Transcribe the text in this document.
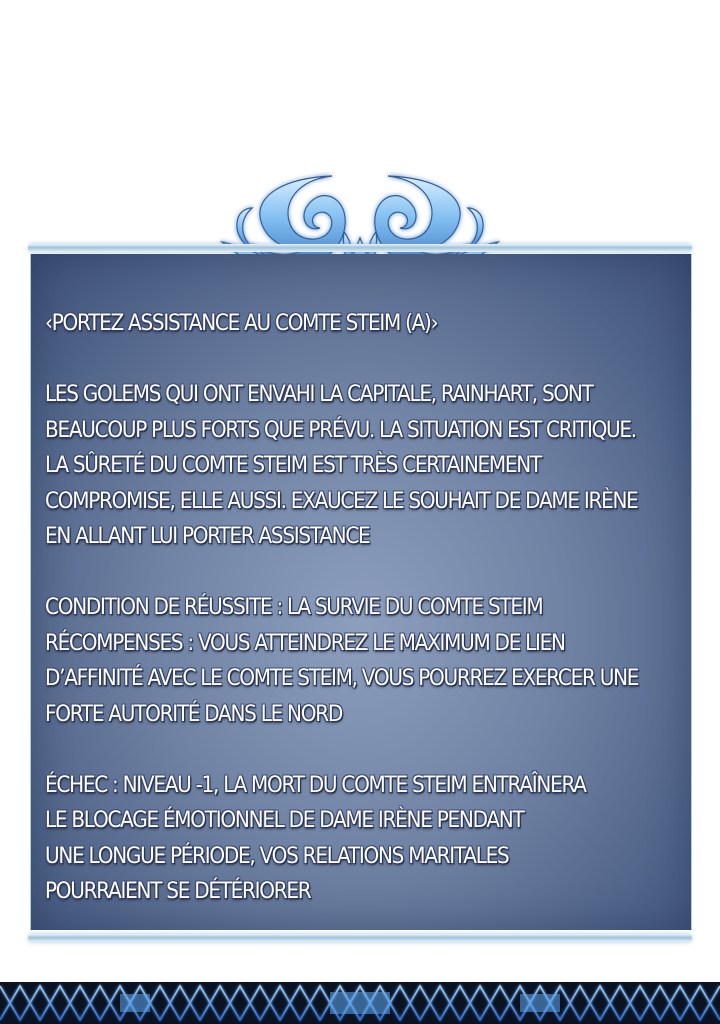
‹PORTEZ ASSISTANCE AU COMTE STEIM (A)›
LES GOLEMS QUI ONT ENVAHI LA CAPITALE, RAINHART, SONT
BEAUCOUP PLUS FORTS QUE PRÉVU. LA SITUATION EST CRITIQUE.
LA SÛRETÉ DU COMTE STEIM EST TRÈS CERTAINEMENT
COMPROMISE, ELLE AUSSI. EXAUCEZ LE SOUHAIT DE DAME IRÈNE
EN ALLANT LUI PORTER ASSISTANCE
CONDITION DE RÉUSSITE : LA SURVIE DU COMTE STEIM
RÉCOMPENSES : VOUS ATTEINDREZ LE MAXIMUM DE LIEN
D’AFFINITÉ AVEC LE COMTE STEIM, VOUS POURREZ EXERCER UNE
FORTE AUTORITÉ DANS LE NORD
ÉCHEC : NIVEAU -1, LA MORT DU COMTE STEIM ENTRAÎNERA
LE BLOCAGE ÉMOTIONNEL DE DAME IRÈNE PENDANT
UNE LONGUE PÉRIODE, VOS RELATIONS MARITALES
POURRAIENT SE DÉTÉRIORER
